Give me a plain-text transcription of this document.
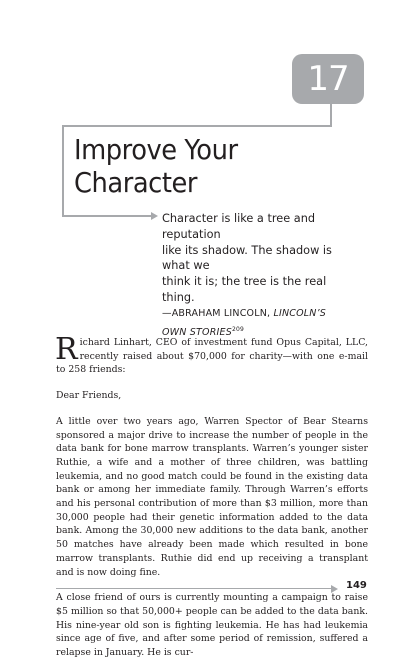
17
Improve Your
Character
Character is like a tree and reputation
like its shadow. The shadow is what we
think it is; the tree is the real thing.
—ABRAHAM LINCOLN, LINCOLN’S OWN STORIES$^{209}$

Richard Linhart, CEO of investment fund Opus Capital, LLC, recently raised about $70,000 for charity—with one e-mail to 258 friends:

Dear Friends,

A little over two years ago, Warren Spector of Bear Stearns sponsored a major drive to increase the number of people in the data bank for bone marrow transplants. Warren’s younger sister Ruthie, a wife and a mother of three children, was battling leukemia, and no good match could be found in the existing data bank or among her immediate family. Through Warren’s efforts and his personal contribution of more than $3 million, more than 30,000 people had their genetic information added to the data bank. Among the 30,000 new additions to the data bank, another 50 matches have already been made which resulted in bone marrow transplants. Ruthie did end up receiving a transplant and is now doing fine.

A close friend of ours is currently mounting a campaign to raise $5 million so that 50,000+ people can be added to the data bank. His nine-year old son is fighting leukemia. He has had leukemia since age of five, and after some period of remission, suffered a relapse in January. He is cur-

149
